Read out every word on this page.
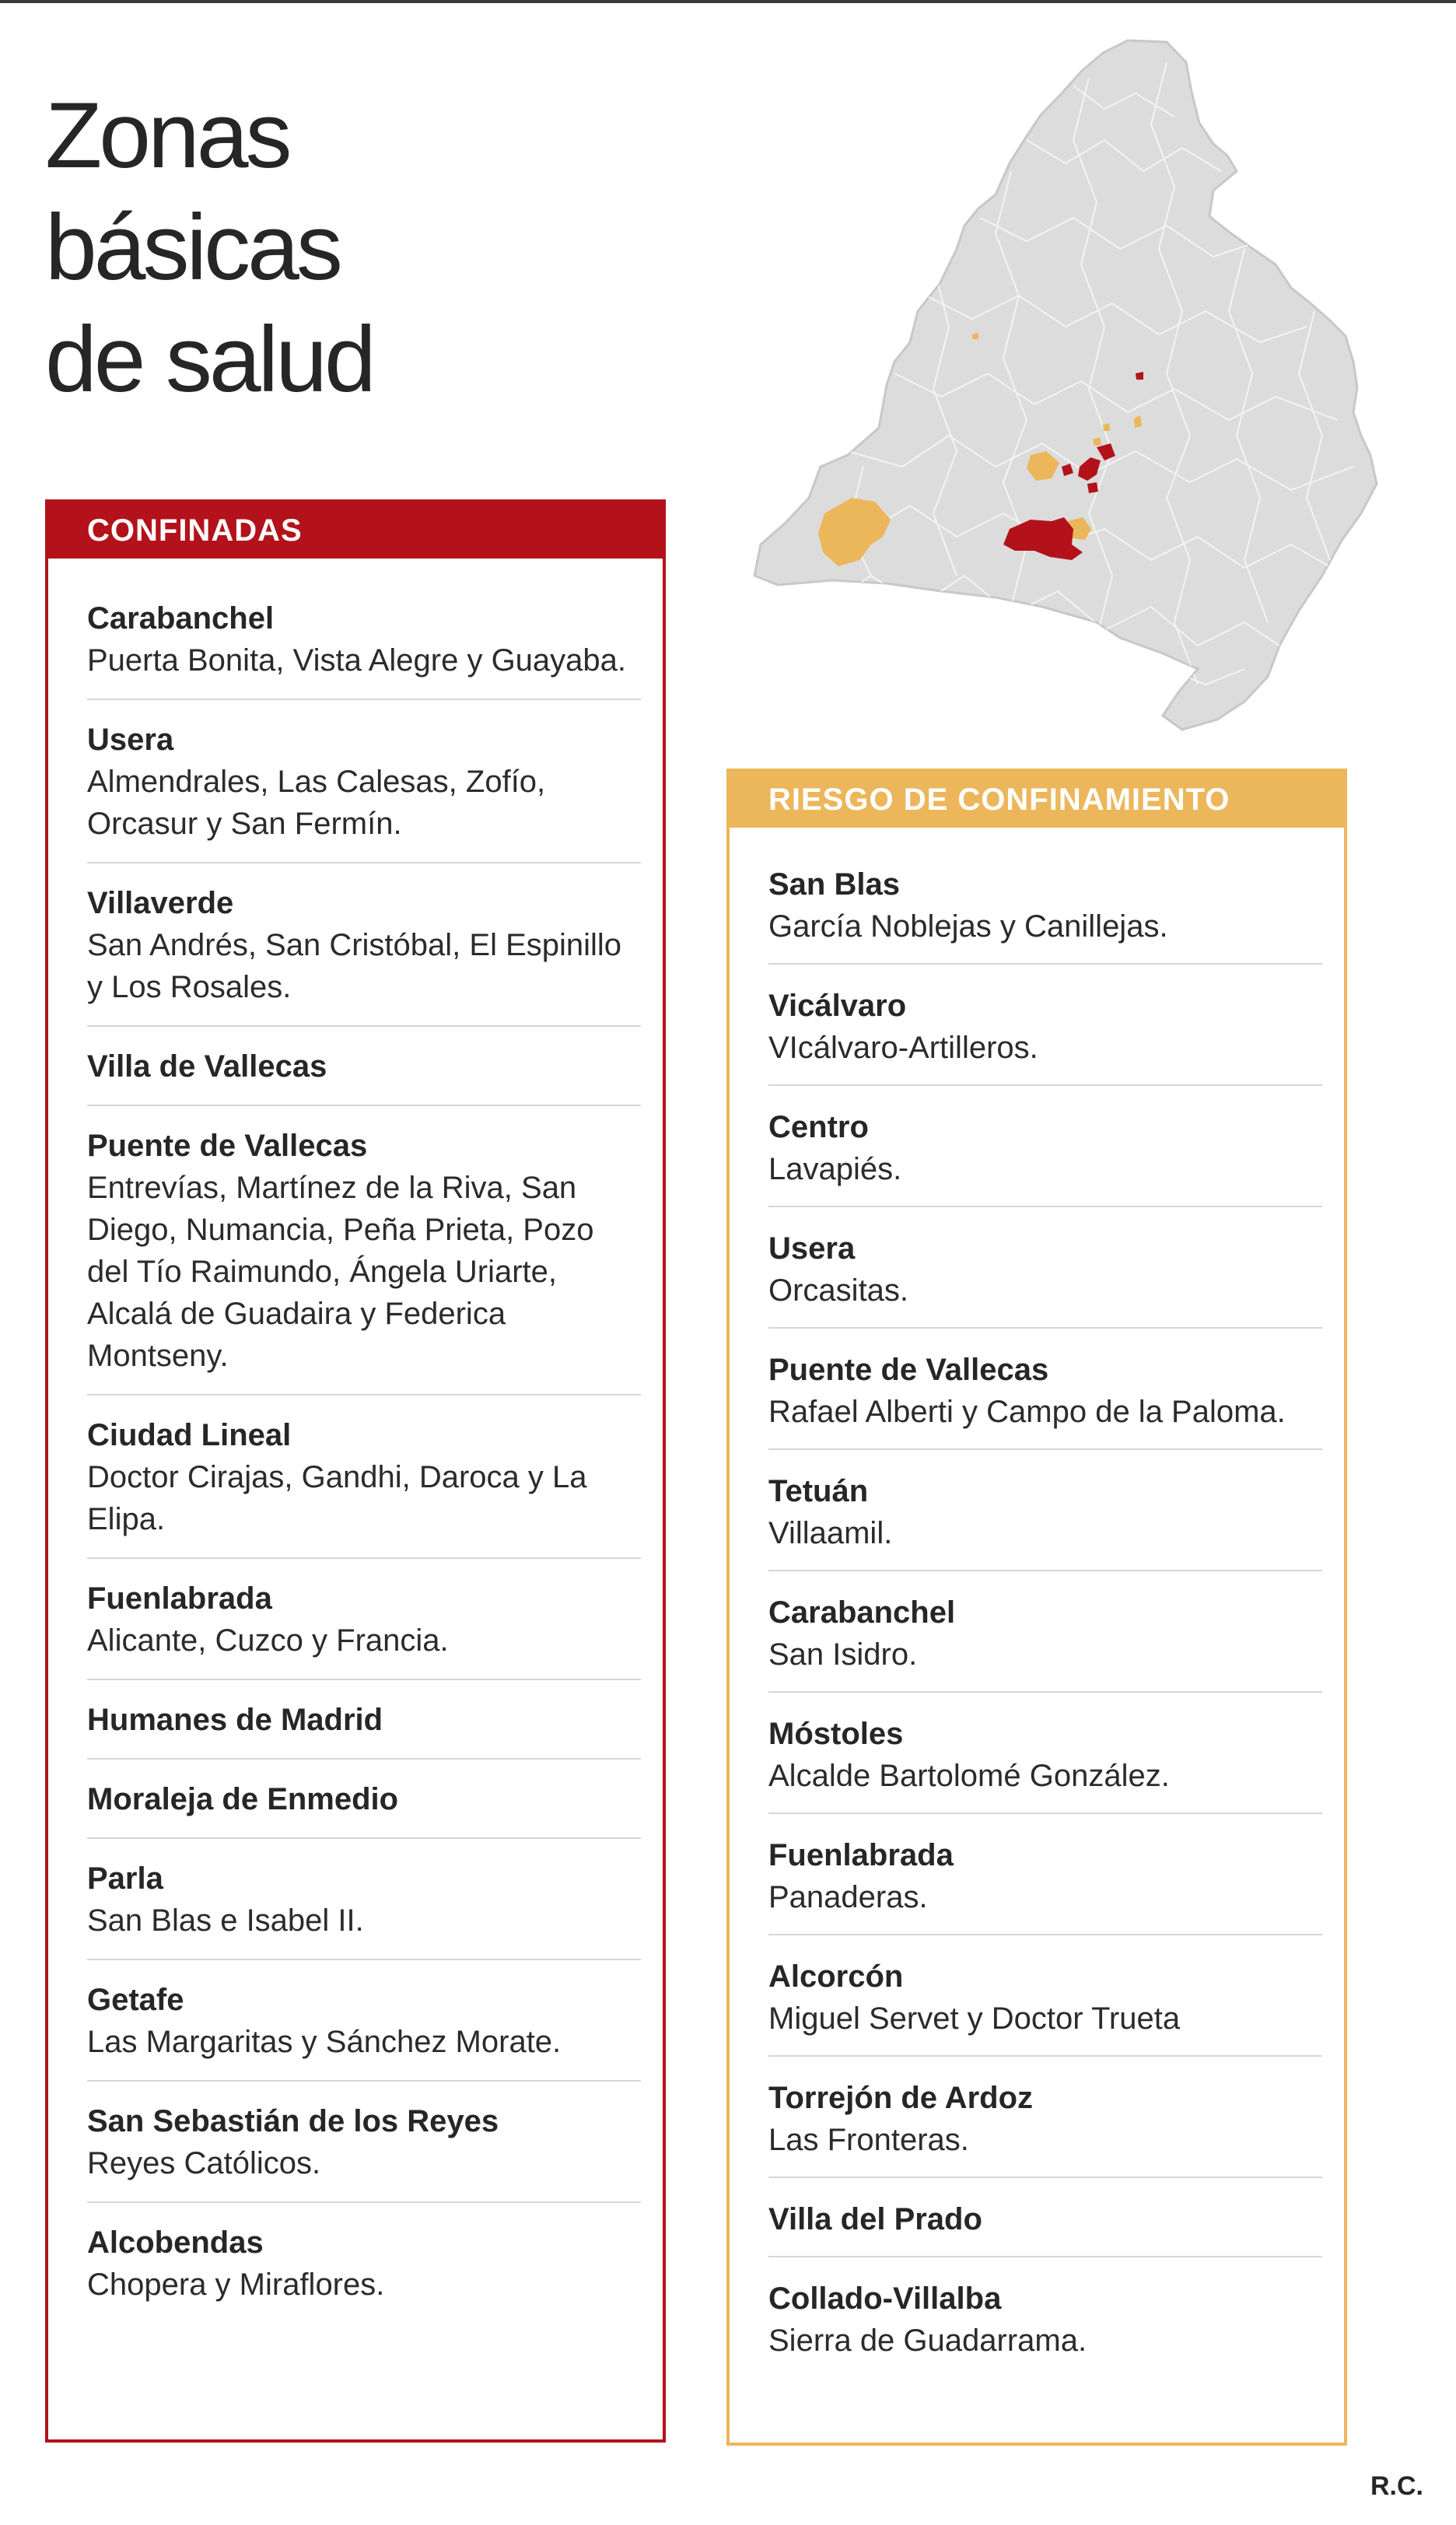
Zonas básicas
de salud
CONFINADAS
Carabanchel
Puerta Bonita, Vista Alegre y Guayaba.
Usera
Almendrales, Las Calesas, Zofío, Orcasur y San Fermín.
Villaverde
San Andrés, San Cristóbal, El Espinillo y Los Rosales.
Villa de Vallecas
Puente de Vallecas
Entrevías, Martínez de la Riva, San Diego, Numancia, Peña Prieta, Pozo del Tío Raimundo, Ángela Uriarte, Alcalá de Guadaira y Federica Montseny.
Ciudad Lineal
Doctor Cirajas, Gandhi, Daroca y La Elipa.
Fuenlabrada
Alicante, Cuzco y Francia.
Humanes de Madrid
Moraleja de Enmedio
Parla
San Blas e Isabel II.
Getafe
Las Margaritas y Sánchez Morate.
San Sebastián de los Reyes
Reyes Católicos.
Alcobendas
Chopera y Miraflores.
RIESGO DE CONFINAMIENTO
San Blas
García Noblejas y Canillejas.
Vicálvaro
VIcálvaro-Artilleros.
Centro
Lavapiés.
Usera
Orcasitas.
Puente de Vallecas
Rafael Alberti y Campo de la Paloma.
Tetuán
Villaamil.
Carabanchel
San Isidro.
Móstoles
Alcalde Bartolomé González.
Fuenlabrada
Panaderas.
Alcorcón
Miguel Servet y Doctor Trueta
Torrejón de Ardoz
Las Fronteras.
Villa del Prado
Collado-Villalba
Sierra de Guadarrama.
R.C.
